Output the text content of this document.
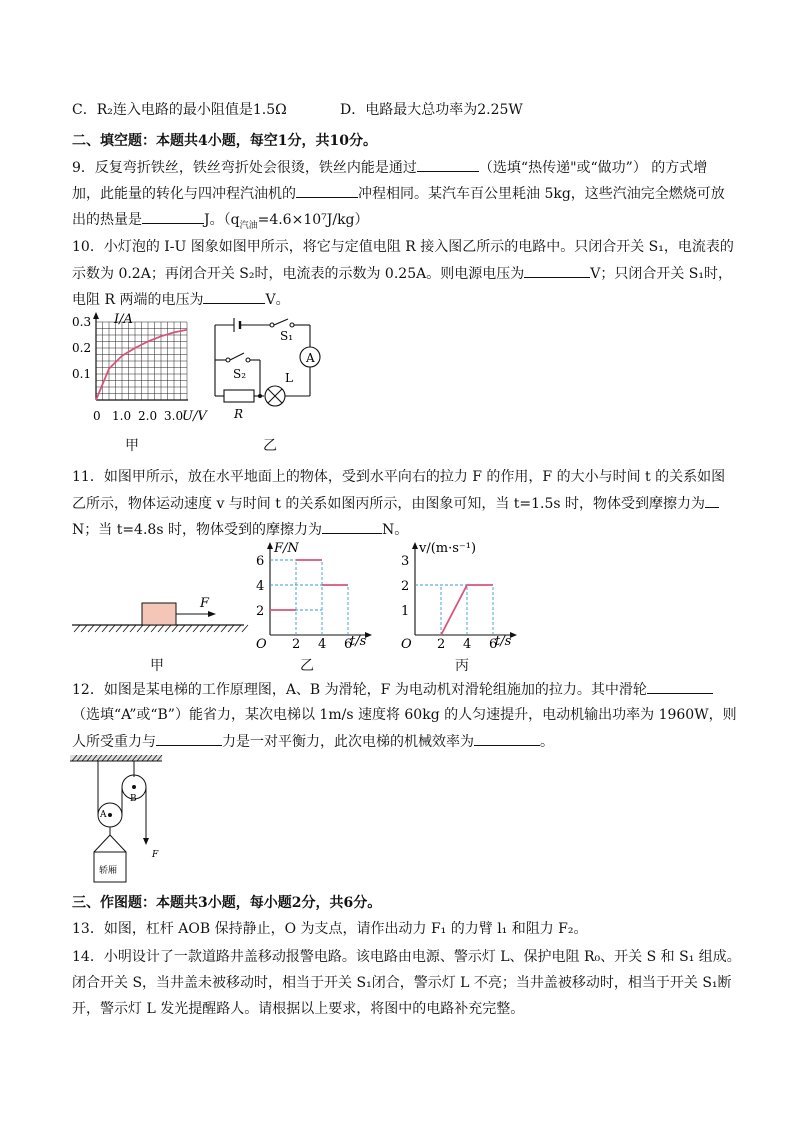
C．R₂连入电路的最小阻值是1.5Ω	D．电路最大总功率为2.25W
二、填空题：本题共4小题，每空1分，共10分。
9．反复弯折铁丝，铁丝弯折处会很烫，铁丝内能是通过	（选填“热传递"或“做功”） 的方式增
加，此能量的转化与四冲程汽油机的	冲程相同。某汽车百公里耗油 5kg，这些汽油完全燃烧可放
出的热量是	J。$(q_{汽油}=4.6\times 10^7J/kg)$
10．小灯泡的 I-U 图象如图甲所示，将它与定值电阻 R 接入图乙所示的电路中。只闭合开关 S₁，电流表的
示数为 0.2A；再闭合开关 S₂时，电流表的示数为 0.25A。则电源电压为	V；只闭合开关 S₁时，
电阻 R 两端的电压为	V。
I/A
0.1
0.2
0.3
0 1.0 2.0 3.0
U/V
甲
S₁
A
S₂	L
R
乙
11．如图甲所示，放在水平地面上的物体，受到水平向右的拉力 F 的作用，F 的大小与时间 t 的关系如图
乙所示，物体运动速度 v 与时间 t 的关系如图丙所示，由图象可知，当 t=1.5s 时，物体受到摩擦力为
N；当 t=4.8s 时，物体受到的摩擦力为	N。
F
甲
O 2 4 6
2
4
6
F/N
t/s
乙
O 2 4 6
1
2
3
v/(m·s⁻¹)
t/s
丙
12．如图是某电梯的工作原理图，A、B 为滑轮，F 为电动机对滑轮组施加的拉力。其中滑轮
（选填“A”或“B”）能省力，某次电梯以 1m/s 速度将 60kg 的人匀速提升，电动机输出功率为 1960W，则
人所受重力与	力是一对平衡力，此次电梯的机械效率为	。
B
A
F
轿厢
三、作图题：本题共3小题，每小题2分，共6分。
13．如图，杠杆 AOB 保持静止，O 为支点，请作出动力 F₁ 的力臂 l₁ 和阻力 F₂。
14．小明设计了一款道路井盖移动报警电路。该电路由电源、警示灯 L、保护电阻 R₀、开关 S 和 S₁ 组成。
闭合开关 S，当井盖未被移动时，相当于开关 S₁闭合，警示灯 L 不亮；当井盖被移动时，相当于开关 S₁断
开，警示灯 L 发光提醒路人。请根据以上要求，将图中的电路补充完整。
